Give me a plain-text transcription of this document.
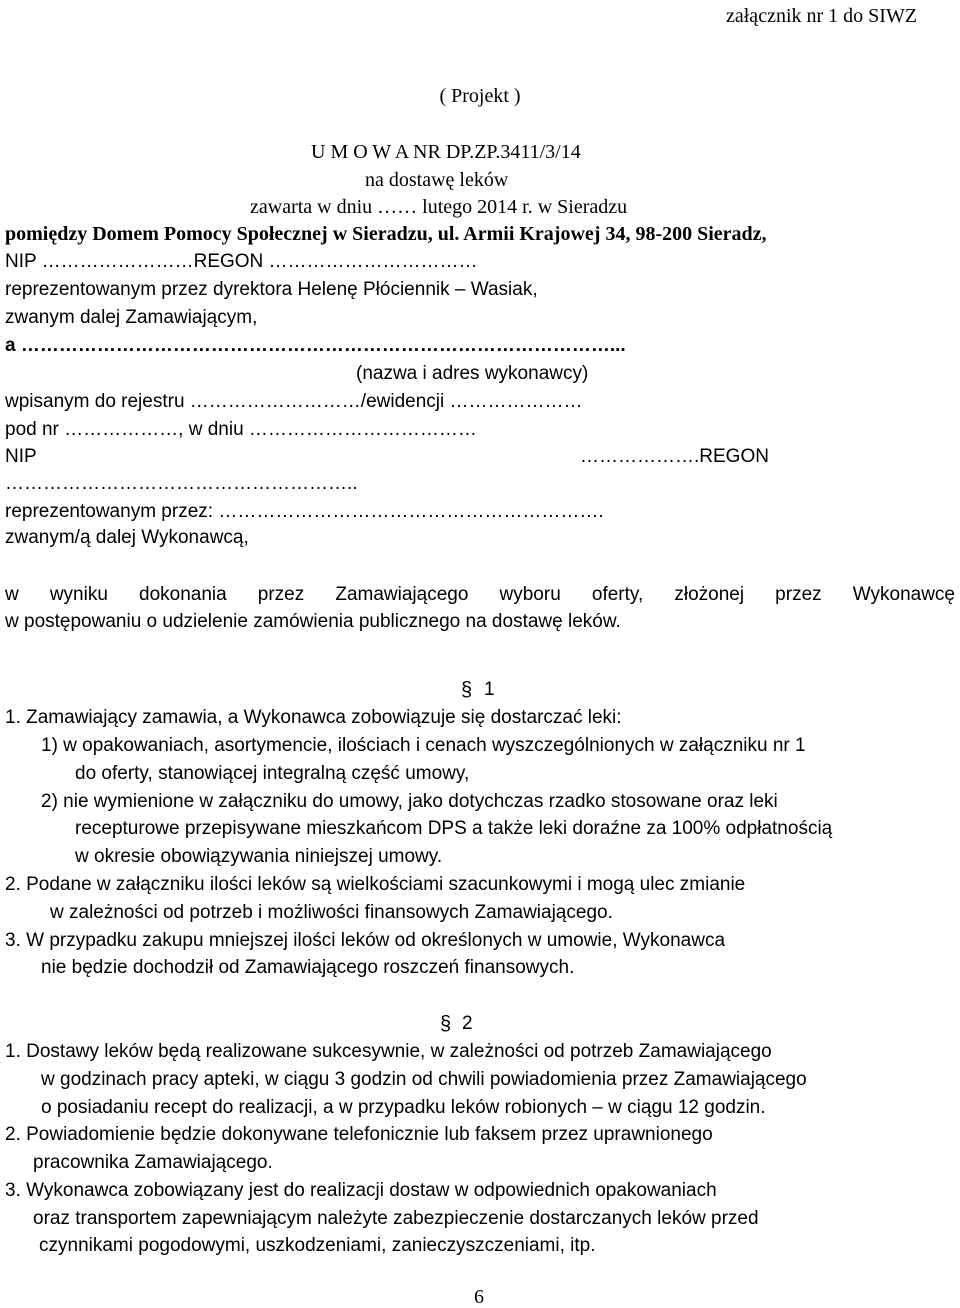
załącznik nr 1 do SIWZ
( Projekt )
U M O W A NR DP.ZP.3411/3/14
na dostawę leków
zawarta w dniu …… lutego 2014 r. w Sieradzu
pomiędzy Domem Pomocy Społecznej w Sieradzu, ul. Armii Krajowej 34, 98-200 Sieradz,
NIP ……………………REGON ……………………………
reprezentowanym przez dyrektora Helenę Płóciennik – Wasiak,
zwanym dalej Zamawiającym,
a …………………………………………………………………………………...
(nazwa i adres wykonawcy)
wpisanym do rejestru ………………………/ewidencji …………………
pod nr ………………, w dniu ………………………………
NIP	……………….REGON
………………………………………………..
reprezentowanym przez: …………………………………………………….
zwanym/ą dalej Wykonawcą,
w wyniku dokonania przez Zamawiającego wyboru oferty, złożonej przez Wykonawcę
w postępowaniu o udzielenie zamówienia publicznego na dostawę leków.
§ 1
1. Zamawiający zamawia, a Wykonawca zobowiązuje się dostarczać leki:
1) w opakowaniach, asortymencie, ilościach i cenach wyszczególnionych w załączniku nr 1
do oferty, stanowiącej integralną część umowy,
2) nie wymienione w załączniku do umowy, jako dotychczas rzadko stosowane oraz leki
recepturowe przepisywane mieszkańcom DPS a także leki doraźne za 100% odpłatnością
w okresie obowiązywania niniejszej umowy.
2. Podane w załączniku ilości leków są wielkościami szacunkowymi i mogą ulec zmianie
w zależności od potrzeb i możliwości finansowych Zamawiającego.
3. W przypadku zakupu mniejszej ilości leków od określonych w umowie, Wykonawca
nie będzie dochodził od Zamawiającego roszczeń finansowych.
§ 2
1. Dostawy leków będą realizowane sukcesywnie, w zależności od potrzeb Zamawiającego
w godzinach pracy apteki, w ciągu 3 godzin od chwili powiadomienia przez Zamawiającego
o posiadaniu recept do realizacji, a w przypadku leków robionych – w ciągu 12 godzin.
2. Powiadomienie będzie dokonywane telefonicznie lub faksem przez uprawnionego
pracownika Zamawiającego.
3. Wykonawca zobowiązany jest do realizacji dostaw w odpowiednich opakowaniach
oraz transportem zapewniającym należyte zabezpieczenie dostarczanych leków przed
czynnikami pogodowymi, uszkodzeniami, zanieczyszczeniami, itp.
6
